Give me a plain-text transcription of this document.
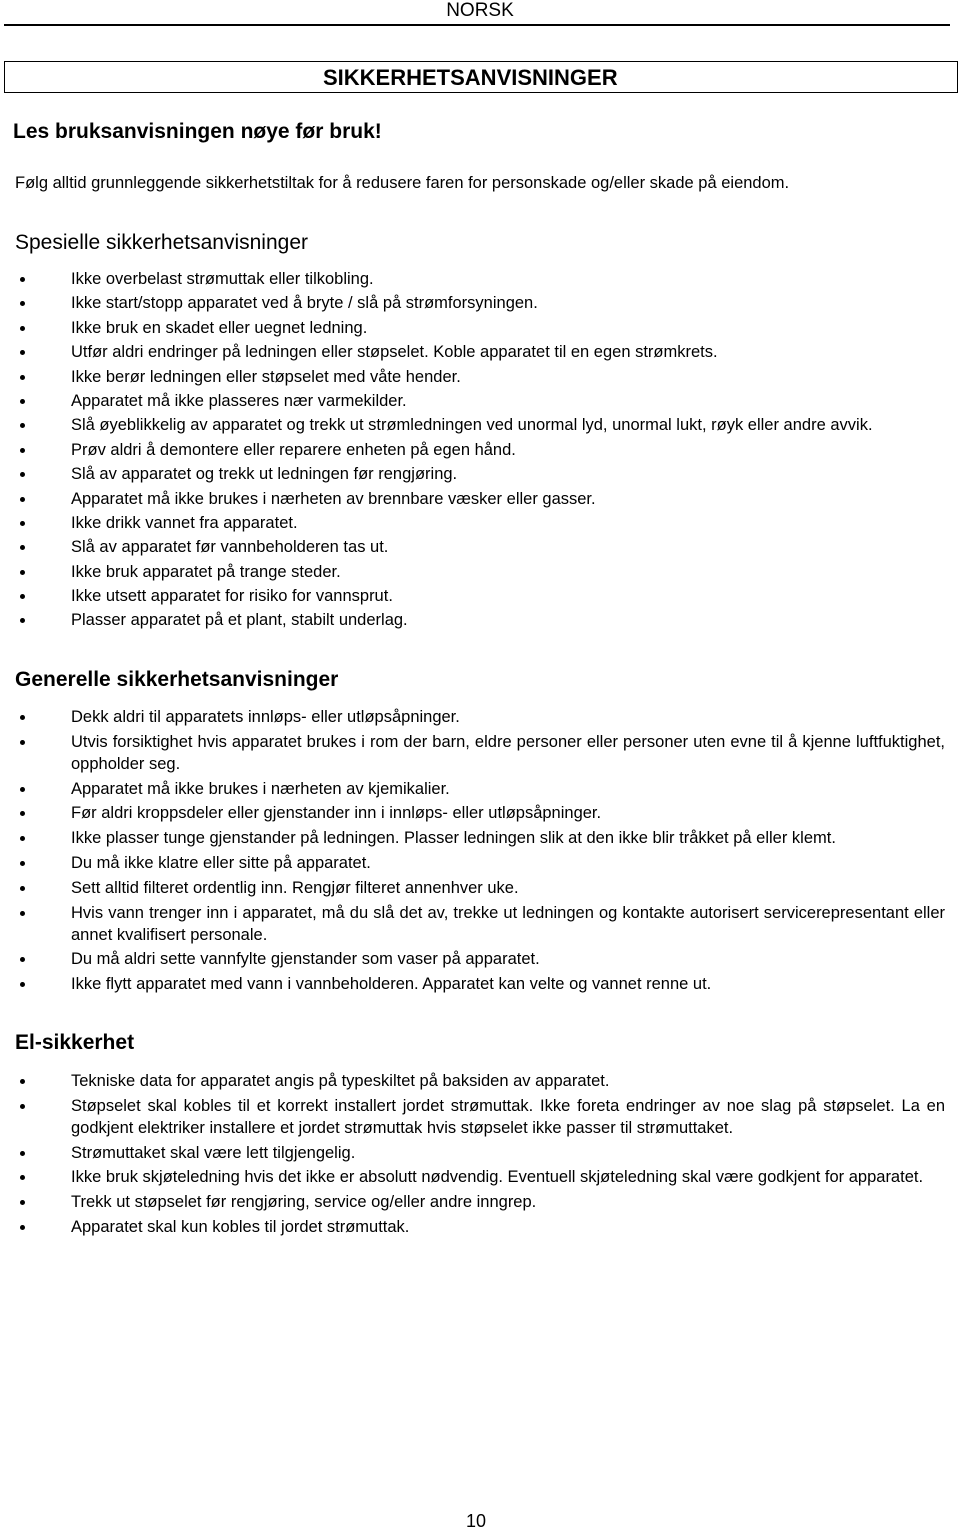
NORSK
SIKKERHETSANVISNINGER
Les bruksanvisningen nøye før bruk!
Følg alltid grunnleggende sikkerhetstiltak for å redusere faren for personskade og/eller skade på eiendom.
Spesielle sikkerhetsanvisninger
Ikke overbelast strømuttak eller tilkobling.
Ikke start/stopp apparatet ved å bryte / slå på strømforsyningen.
Ikke bruk en skadet eller uegnet ledning.
Utfør aldri endringer på ledningen eller støpselet. Koble apparatet til en egen strømkrets.
Ikke berør ledningen eller støpselet med våte hender.
Apparatet må ikke plasseres nær varmekilder.
Slå øyeblikkelig av apparatet og trekk ut strømledningen ved unormal lyd, unormal lukt, røyk eller andre avvik.
Prøv aldri å demontere eller reparere enheten på egen hånd.
Slå av apparatet og trekk ut ledningen før rengjøring.
Apparatet må ikke brukes i nærheten av brennbare væsker eller gasser.
Ikke drikk vannet fra apparatet.
Slå av apparatet før vannbeholderen tas ut.
Ikke bruk apparatet på trange steder.
Ikke utsett apparatet for risiko for vannsprut.
Plasser apparatet på et plant, stabilt underlag.
Generelle sikkerhetsanvisninger
Dekk aldri til apparatets innløps- eller utløpsåpninger.
Utvis forsiktighet hvis apparatet brukes i rom der barn, eldre personer eller personer uten evne til å kjenne luftfuktighet, oppholder seg.
Apparatet må ikke brukes i nærheten av kjemikalier.
Før aldri kroppsdeler eller gjenstander inn i innløps- eller utløpsåpninger.
Ikke plasser tunge gjenstander på ledningen. Plasser ledningen slik at den ikke blir tråkket på eller klemt.
Du må ikke klatre eller sitte på apparatet.
Sett alltid filteret ordentlig inn. Rengjør filteret annenhver uke.
Hvis vann trenger inn i apparatet, må du slå det av, trekke ut ledningen og kontakte autorisert servicerepresentant eller annet kvalifisert personale.
Du må aldri sette vannfylte gjenstander som vaser på apparatet.
Ikke flytt apparatet med vann i vannbeholderen. Apparatet kan velte og vannet renne ut.
El-sikkerhet
Tekniske data for apparatet angis på typeskiltet på baksiden av apparatet.
Støpselet skal kobles til et korrekt installert jordet strømuttak. Ikke foreta endringer av noe slag på støpselet. La en godkjent elektriker installere et jordet strømuttak hvis støpselet ikke passer til strømuttaket.
Strømuttaket skal være lett tilgjengelig.
Ikke bruk skjøteledning hvis det ikke er absolutt nødvendig. Eventuell skjøteledning skal være godkjent for apparatet.
Trekk ut støpselet før rengjøring, service og/eller andre inngrep.
Apparatet skal kun kobles til jordet strømuttak.
10
